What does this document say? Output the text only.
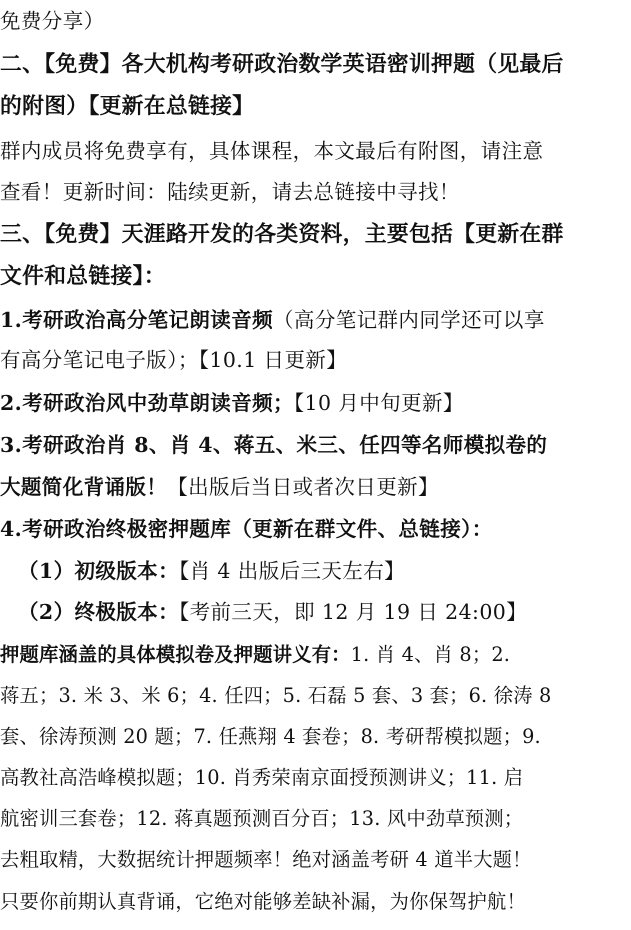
免费分享）
二、【免费】各大机构考研政治数学英语密训押题（见最后
的附图）【更新在总链接】
群内成员将免费享有，具体课程，本文最后有附图，请注意
查看！更新时间：陆续更新，请去总链接中寻找！
三、【免费】天涯路开发的各类资料，主要包括【更新在群
文件和总链接】：
1.考研政治高分笔记朗读音频（高分笔记群内同学还可以享
有高分笔记电子版）；【10.1 日更新】
2.考研政治风中劲草朗读音频；【10 月中旬更新】
3.考研政治肖 8、肖 4、蒋五、米三、任四等名师模拟卷的
大题简化背诵版！【出版后当日或者次日更新】
4.考研政治终极密押题库（更新在群文件、总链接）：
（1）初级版本：【肖 4 出版后三天左右】
（2）终极版本：【考前三天，即 12 月 19 日 24:00】
押题库涵盖的具体模拟卷及押题讲义有：1. 肖 4、肖 8；2.
蒋五；3. 米 3、米 6；4. 任四；5. 石磊 5 套、3 套；6. 徐涛 8
套、徐涛预测 20 题；7. 任燕翔 4 套卷；8. 考研帮模拟题；9.
高教社高浩峰模拟题；10. 肖秀荣南京面授预测讲义；11. 启
航密训三套卷；12. 蒋真题预测百分百；13. 风中劲草预测；
去粗取精，大数据统计押题频率！绝对涵盖考研 4 道半大题！
只要你前期认真背诵，它绝对能够差缺补漏，为你保驾护航！
